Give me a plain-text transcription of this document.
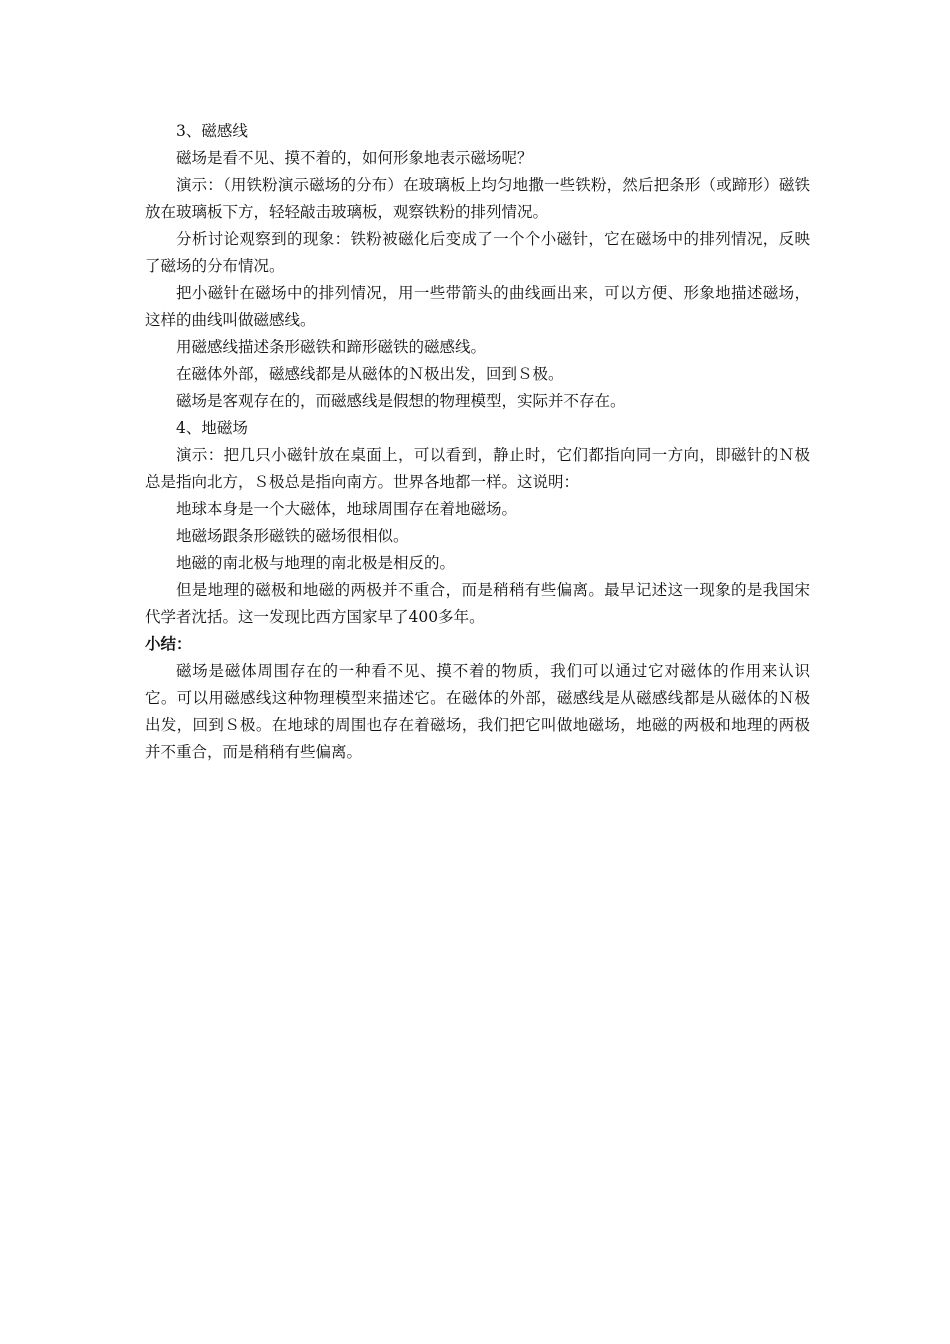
3、磁感线

磁场是看不见、摸不着的，如何形象地表示磁场呢？

演示：（用铁粉演示磁场的分布）在玻璃板上均匀地撒一些铁粉，然后把条形（或蹄形）磁铁放在玻璃板下方，轻轻敲击玻璃板，观察铁粉的排列情况。

分析讨论观察到的现象：铁粉被磁化后变成了一个个小磁针，它在磁场中的排列情况，反映了磁场的分布情况。

把小磁针在磁场中的排列情况，用一些带箭头的曲线画出来，可以方便、形象地描述磁场，这样的曲线叫做磁感线。

用磁感线描述条形磁铁和蹄形磁铁的磁感线。

在磁体外部，磁感线都是从磁体的Ｎ极出发，回到Ｓ极。

磁场是客观存在的，而磁感线是假想的物理模型，实际并不存在。

4、地磁场

演示：把几只小磁针放在桌面上，可以看到，静止时，它们都指向同一方向，即磁针的Ｎ极总是指向北方，Ｓ极总是指向南方。世界各地都一样。这说明：

地球本身是一个大磁体，地球周围存在着地磁场。

地磁场跟条形磁铁的磁场很相似。

地磁的南北极与地理的南北极是相反的。

但是地理的磁极和地磁的两极并不重合，而是稍稍有些偏离。最早记述这一现象的是我国宋代学者沈括。这一发现比西方国家早了400多年。

小结：

磁场是磁体周围存在的一种看不见、摸不着的物质，我们可以通过它对磁体的作用来认识它。可以用磁感线这种物理模型来描述它。在磁体的外部，磁感线是从磁感线都是从磁体的Ｎ极出发，回到Ｓ极。在地球的周围也存在着磁场，我们把它叫做地磁场，地磁的两极和地理的两极并不重合，而是稍稍有些偏离。
